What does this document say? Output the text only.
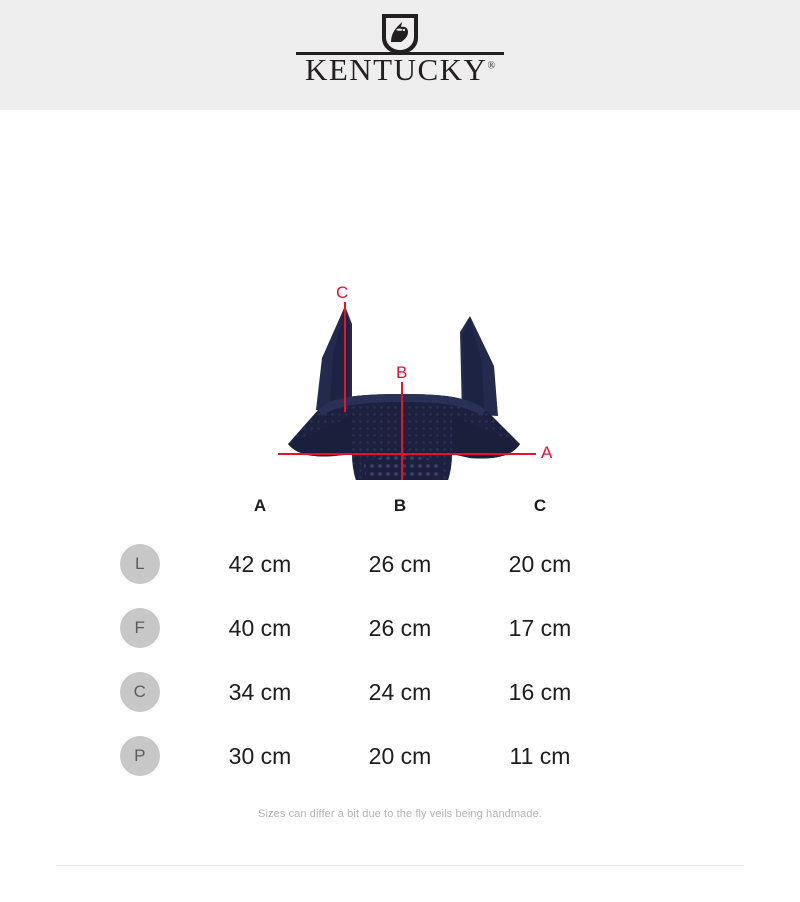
KENTUCKY®
A
B
C
	A	B	C	
L	42 cm	26 cm	20 cm	
F	40 cm	26 cm	17 cm	
C	34 cm	24 cm	16 cm	
P	30 cm	20 cm	11 cm	
Sizes can differ a bit due to the fly veils being handmade.
